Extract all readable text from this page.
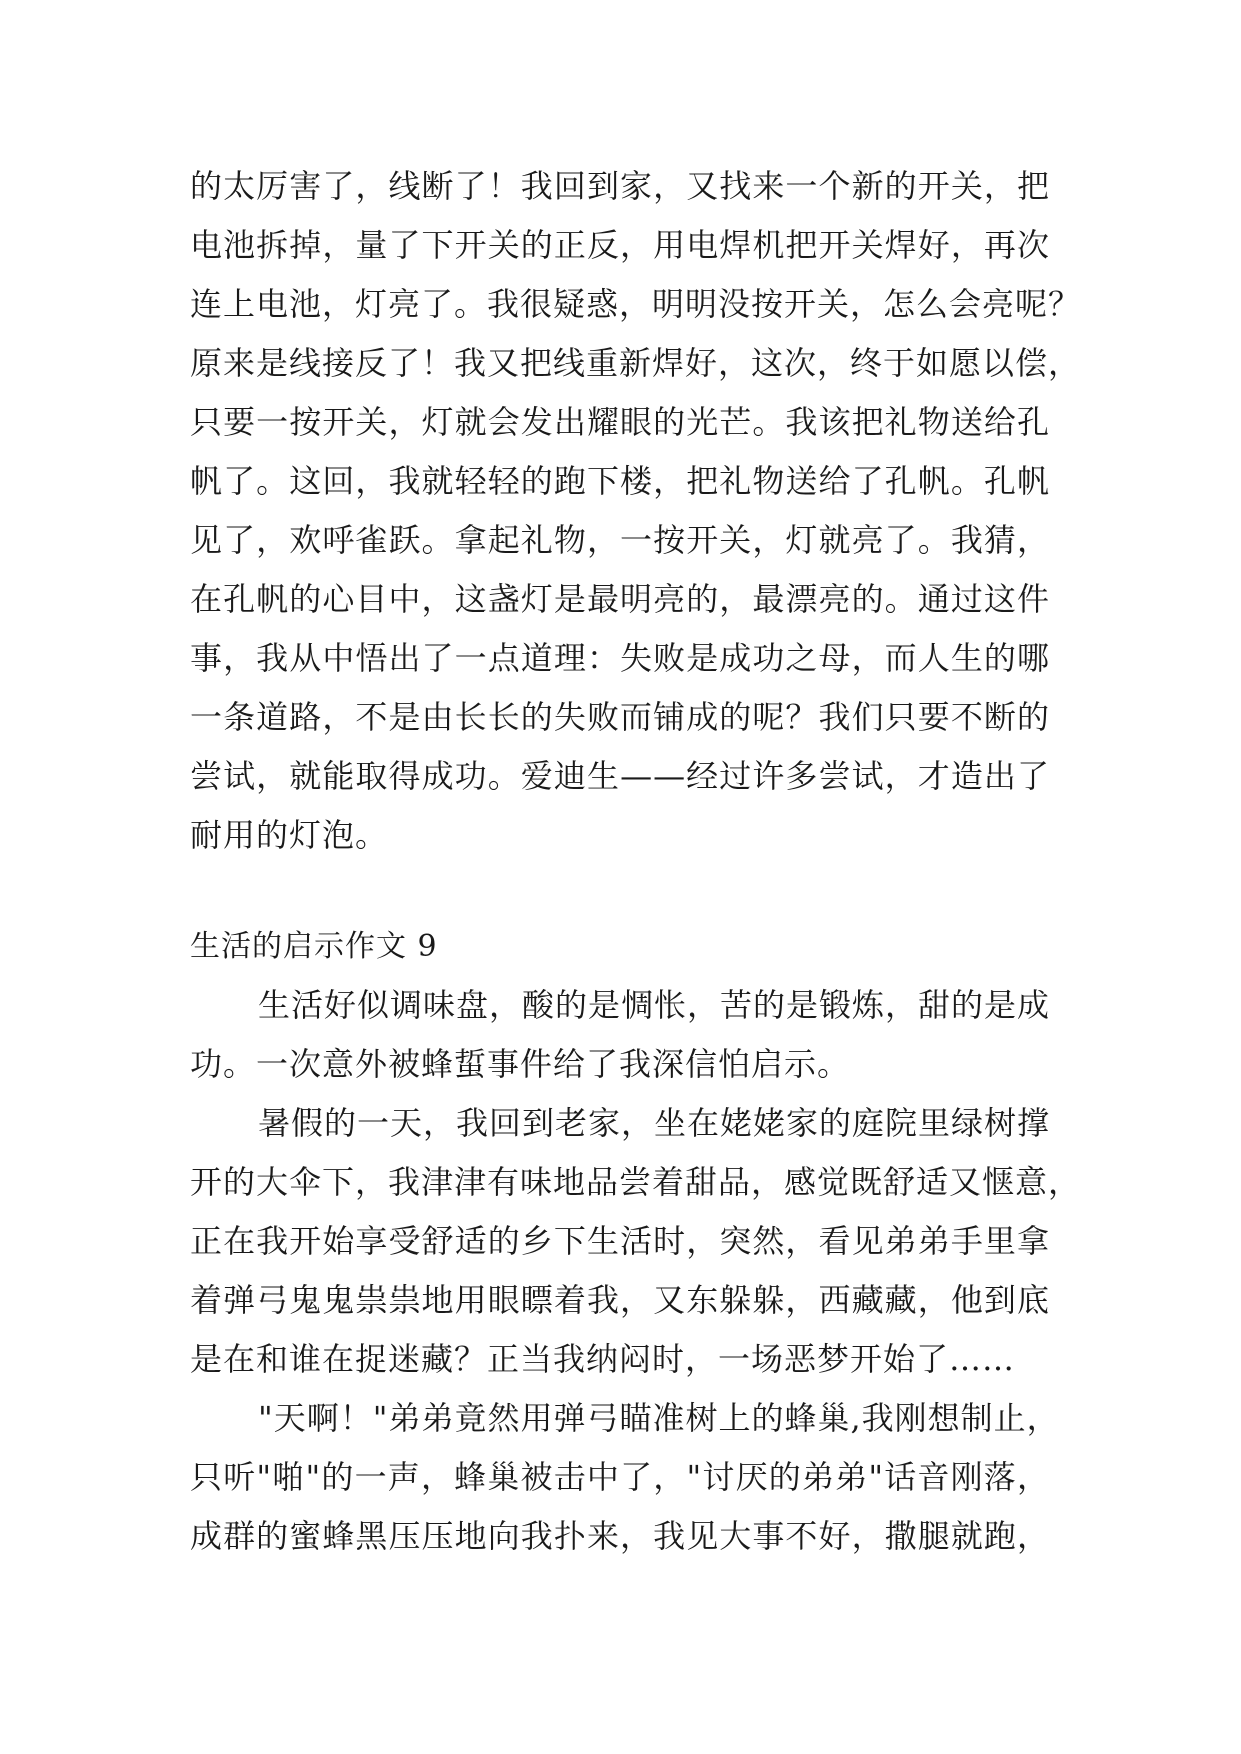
的太厉害了，线断了！我回到家，又找来一个新的开关，把
电池拆掉，量了下开关的正反，用电焊机把开关焊好，再次
连上电池，灯亮了。我很疑惑，明明没按开关，怎么会亮呢？
原来是线接反了！我又把线重新焊好，这次，终于如愿以偿，
只要一按开关，灯就会发出耀眼的光芒。我该把礼物送给孔
帆了。这回，我就轻轻的跑下楼，把礼物送给了孔帆。孔帆
见了，欢呼雀跃。拿起礼物，一按开关，灯就亮了。我猜，
在孔帆的心目中，这盏灯是最明亮的，最漂亮的。通过这件
事，我从中悟出了一点道理：失败是成功之母，而人生的哪
一条道路，不是由长长的失败而铺成的呢？我们只要不断的
尝试，就能取得成功。爱迪生——经过许多尝试，才造出了
耐用的灯泡。
生活的启示作文 9
生活好似调味盘，酸的是惆怅，苦的是锻炼，甜的是成
功。一次意外被蜂蜇事件给了我深信怕启示。
暑假的一天，我回到老家，坐在姥姥家的庭院里绿树撑
开的大伞下，我津津有味地品尝着甜品，感觉既舒适又惬意，
正在我开始享受舒适的乡下生活时，突然，看见弟弟手里拿
着弹弓鬼鬼祟祟地用眼瞟着我，又东躲躲，西藏藏，他到底
是在和谁在捉迷藏？正当我纳闷时，一场恶梦开始了……
"天啊！"弟弟竟然用弹弓瞄准树上的蜂巢,我刚想制止，
只听"啪"的一声，蜂巢被击中了，"讨厌的弟弟"话音刚落，
成群的蜜蜂黑压压地向我扑来，我见大事不好，撒腿就跑，
